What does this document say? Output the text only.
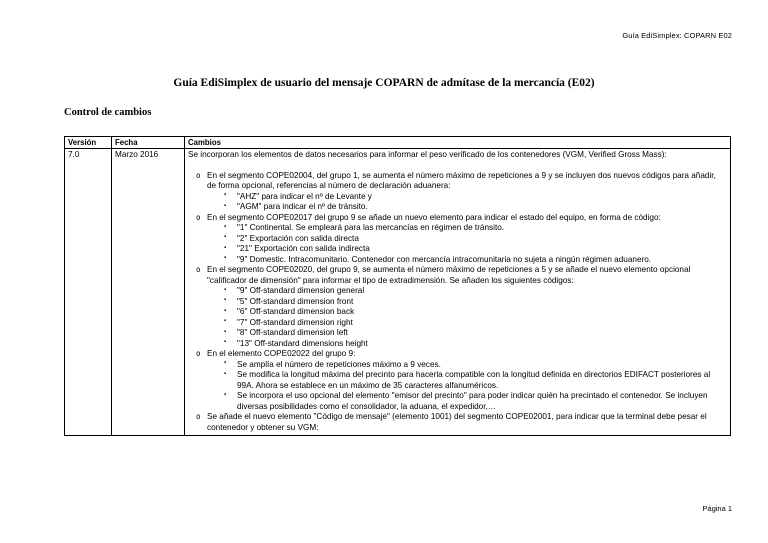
Guía EdiSimplex: COPARN E02
Guía EdiSimplex de usuario del mensaje COPARN de admítase de la mercancía (E02)
Control de cambios
Versión	Fecha	Cambios
7.0	Marzo 2016	Se incorporan los elementos de datos necesarios para informar el peso verificado de los contenedores (VGM, Verified Gross Mass):

o En el segmento COPE02004, del grupo 1, se aumenta el número máximo de repeticiones a 9 y se incluyen dos nuevos códigos para añadir, de forma opcional, referencias al número de declaración aduanera:
▪ "AHZ" para indicar el nº de Levante y
▪ "AGM" para indicar el nº de tránsito.
o En el segmento COPE02017 del grupo 9 se añade un nuevo elemento para indicar el estado del equipo, en forma de código:
▪ "1" Continental. Se empleará para las mercancías en régimen de tránsito.
▪ "2" Exportación con salida directa
▪ "21" Exportación con salida indirecta
▪ "9" Domestic. Intracomunitario. Contenedor con mercancía intracomunitaria no sujeta a ningún régimen aduanero.
o En el segmento COPE02020, del grupo 9, se aumenta el número máximo de repeticiones a 5 y se añade el nuevo elemento opcional "calificador de dimensión" para informar el tipo de extradimensión. Se añaden los siguientes códigos:
▪ "9" Off-standard dimension general
▪ "5" Off-standard dimension front
▪ "6" Off-standard dimension back
▪ "7" Off-standard dimension right
▪ "8" Off-standard dimension left
▪ "13" Off-standard dimensions height
o En el elemento COPE02022 del grupo 9:
▪ Se amplía el número de repeticiones máximo a 9 veces.
▪ Se modifica la longitud máxima del precinto para hacerla compatible con la longitud definida en directorios EDIFACT posteriores al 99A. Ahora se establece en un máximo de 35 caracteres alfanuméricos.
▪ Se incorpora el uso opcional del elemento "emisor del precinto" para poder indicar quién ha precintado el contenedor. Se incluyen diversas posibilidades como el consolidador, la aduana, el expedidor,…
o Se añade el nuevo elemento "Código de mensaje" (elemento 1001) del segmento COPE02001, para indicar que la terminal debe pesar el contenedor y obtener su VGM:
Página 1
